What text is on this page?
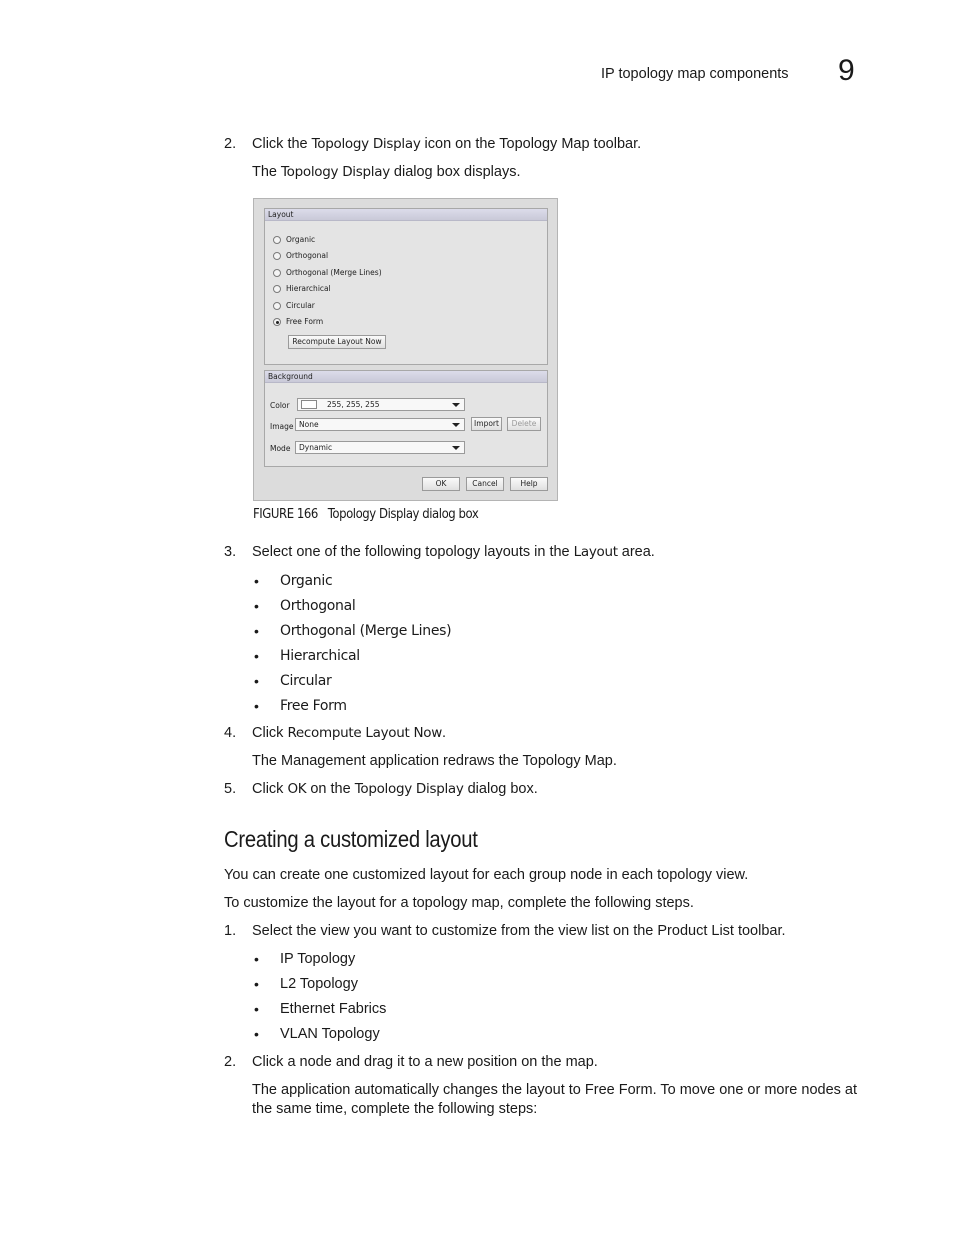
IP topology map components 9
2.	Click the Topology Display icon on the Topology Map toolbar.
The Topology Display dialog box displays.
Layout
Organic
Orthogonal
Orthogonal (Merge Lines)
Hierarchical
Circular
Free Form
Recompute Layout Now
Background
Color	255, 255, 255
Image None	Import	Delete
Mode Dynamic
OK	Cancel	Help
FIGURE 166 Topology Display dialog box
3.	Select one of the following topology layouts in the Layout area.
• Organic
• Orthogonal
• Orthogonal (Merge Lines)
• Hierarchical
• Circular
• Free Form
4.	Click Recompute Layout Now.
The Management application redraws the Topology Map.
5.	Click OK on the Topology Display dialog box.
Creating a customized layout
You can create one customized layout for each group node in each topology view.
To customize the layout for a topology map, complete the following steps.
1.	Select the view you want to customize from the view list on the Product List toolbar.
• IP Topology
• L2 Topology
• Ethernet Fabrics
• VLAN Topology
2.	Click a node and drag it to a new position on the map.
The application automatically changes the layout to Free Form. To move one or more nodes at
the same time, complete the following steps:
